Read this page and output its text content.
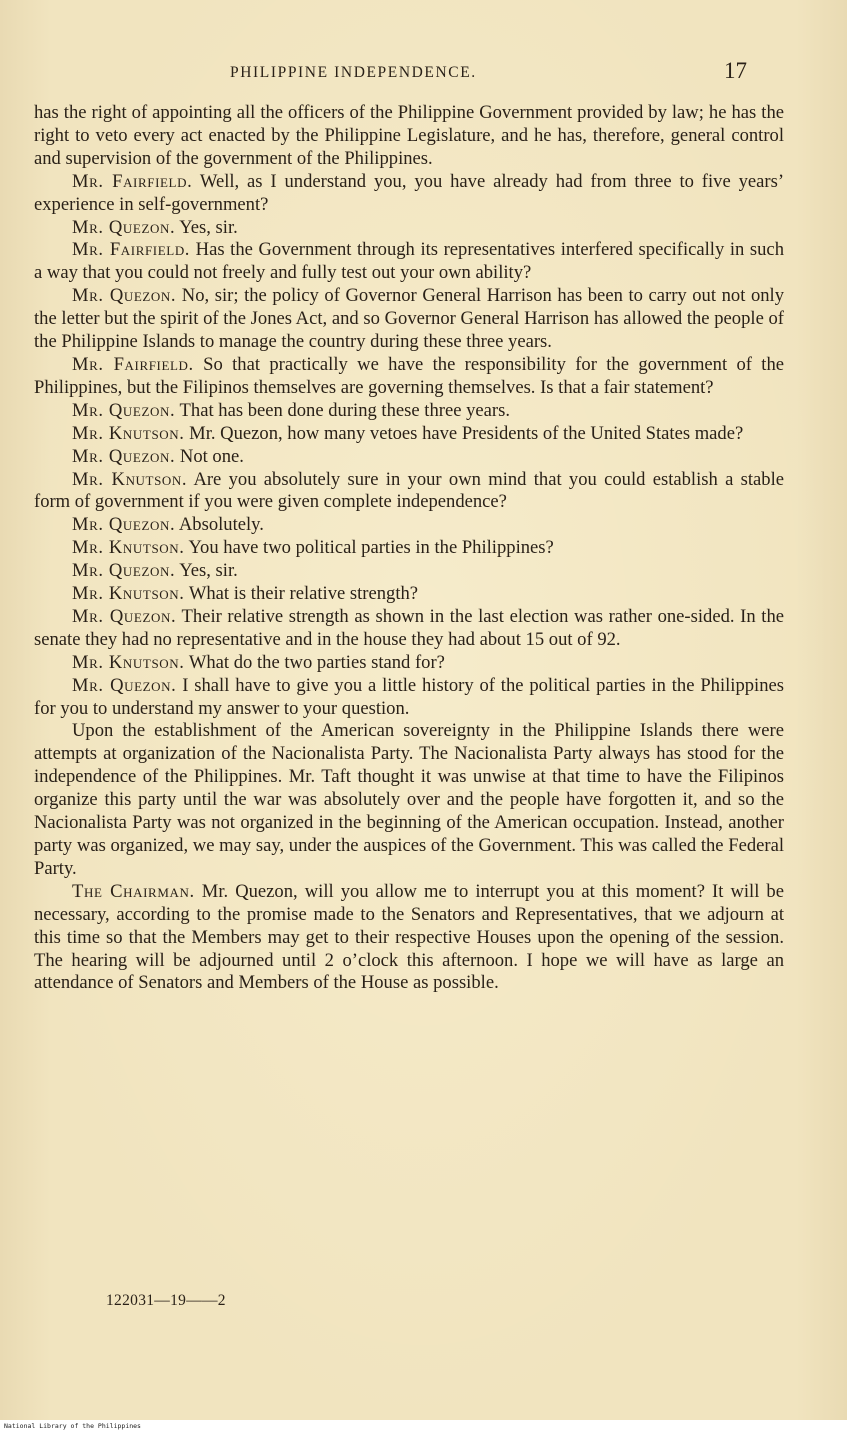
PHILIPPINE INDEPENDENCE.	17

has the right of appointing all the officers of the Philippine Government provided by law; he has the right to veto every act enacted by the Philippine Legislature, and he has, therefore, general control and supervision of the government of the Philippines.

Mr. Fairfield. Well, as I understand you, you have already had from three to five years’ experience in self-government?

Mr. Quezon. Yes, sir.

Mr. Fairfield. Has the Government through its representatives interfered specifically in such a way that you could not freely and fully test out your own ability?

Mr. Quezon. No, sir; the policy of Governor General Harrison has been to carry out not only the letter but the spirit of the Jones Act, and so Governor General Harrison has allowed the people of the Philippine Islands to manage the country during these three years.

Mr. Fairfield. So that practically we have the responsibility for the government of the Philippines, but the Filipinos themselves are governing themselves. Is that a fair statement?

Mr. Quezon. That has been done during these three years.

Mr. Knutson. Mr. Quezon, how many vetoes have Presidents of the United States made?

Mr. Quezon. Not one.

Mr. Knutson. Are you absolutely sure in your own mind that you could establish a stable form of government if you were given complete independence?

Mr. Quezon. Absolutely.

Mr. Knutson. You have two political parties in the Philippines?

Mr. Quezon. Yes, sir.

Mr. Knutson. What is their relative strength?

Mr. Quezon. Their relative strength as shown in the last election was rather one-sided. In the senate they had no representative and in the house they had about 15 out of 92.

Mr. Knutson. What do the two parties stand for?

Mr. Quezon. I shall have to give you a little history of the political parties in the Philippines for you to understand my answer to your question.

Upon the establishment of the American sovereignty in the Philippine Islands there were attempts at organization of the Nacionalista Party. The Nacionalista Party always has stood for the independence of the Philippines. Mr. Taft thought it was unwise at that time to have the Filipinos organize this party until the war was absolutely over and the people have forgotten it, and so the Nacionalista Party was not organized in the beginning of the American occupation. Instead, another party was organized, we may say, under the auspices of the Government. This was called the Federal Party.

The Chairman. Mr. Quezon, will you allow me to interrupt you at this moment? It will be necessary, according to the promise made to the Senators and Representatives, that we adjourn at this time so that the Members may get to their respective Houses upon the opening of the session. The hearing will be adjourned until 2 o’clock this afternoon. I hope we will have as large an attendance of Senators and Members of the House as possible.

122031—19——2
National Library of the Philippines
